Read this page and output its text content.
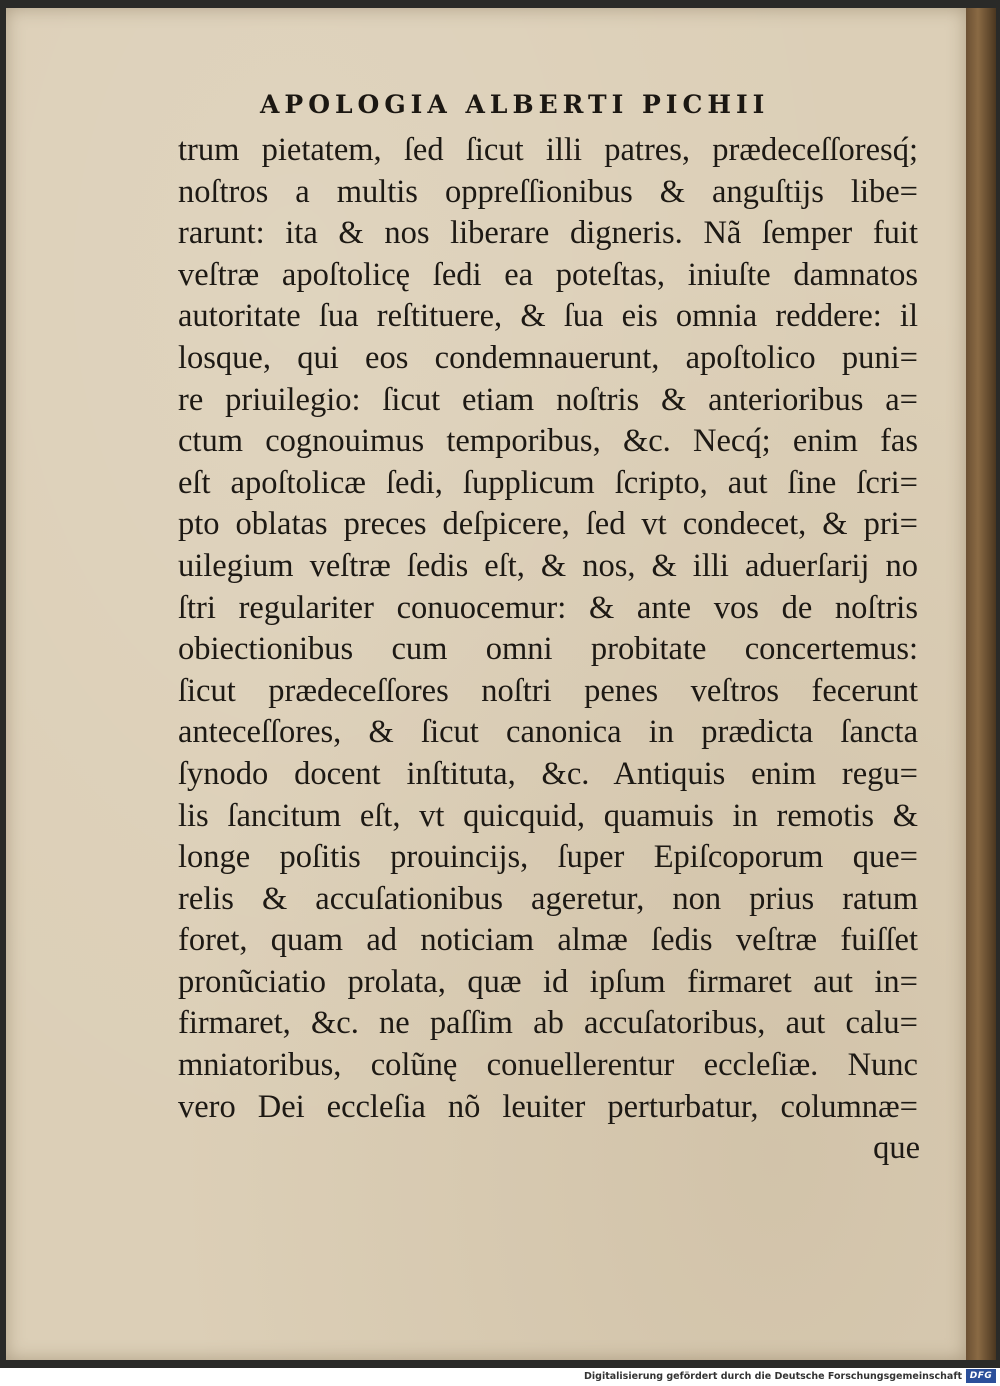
APOLOGIA ALBERTI PICHII
trum pietatem, ſed ſicut illi patres, prædeceſſoresq́;
noſtros a multis oppreſſionibus & anguſtijs libe=
rarunt: ita & nos liberare digneris. Nã ſemper fuit
veſtræ apoſtolicę ſedi ea poteſtas, iniuſte damnatos
autoritate ſua reſtituere, & ſua eis omnia reddere: il
losque, qui eos condemnauerunt, apoſtolico puni=
re priuilegio: ſicut etiam noſtris & anterioribus a=
ctum cognouimus temporibus, &c. Necq́; enim fas
eſt apoſtolicæ ſedi, ſupplicum ſcripto, aut ſine ſcri=
pto oblatas preces deſpicere, ſed vt condecet, & pri=
uilegium veſtræ ſedis eſt, & nos, & illi aduerſarij no
ſtri regulariter conuocemur: & ante vos de noſtris
obiectionibus cum omni probitate concertemus:
ſicut prædeceſſores noſtri penes veſtros fecerunt
anteceſſores, & ſicut canonica in prædicta ſancta
ſynodo docent inſtituta, &c. Antiquis enim regu=
lis ſancitum eſt, vt quicquid, quamuis in remotis &
longe poſitis prouincijs, ſuper Epiſcoporum que=
relis & accuſationibus ageretur, non prius ratum
foret, quam ad noticiam almæ ſedis veſtræ fuiſſet
pronũciatio prolata, quæ id ipſum firmaret aut in=
firmaret, &c. ne paſſim ab accuſatoribus, aut calu=
mniatoribus, colũnę conuellerentur eccleſiæ. Nunc
vero Dei eccleſia nõ leuiter perturbatur, columnæ=
que
Digitalisierung gefördert durch die Deutsche Forschungsgemeinschaft DFG
